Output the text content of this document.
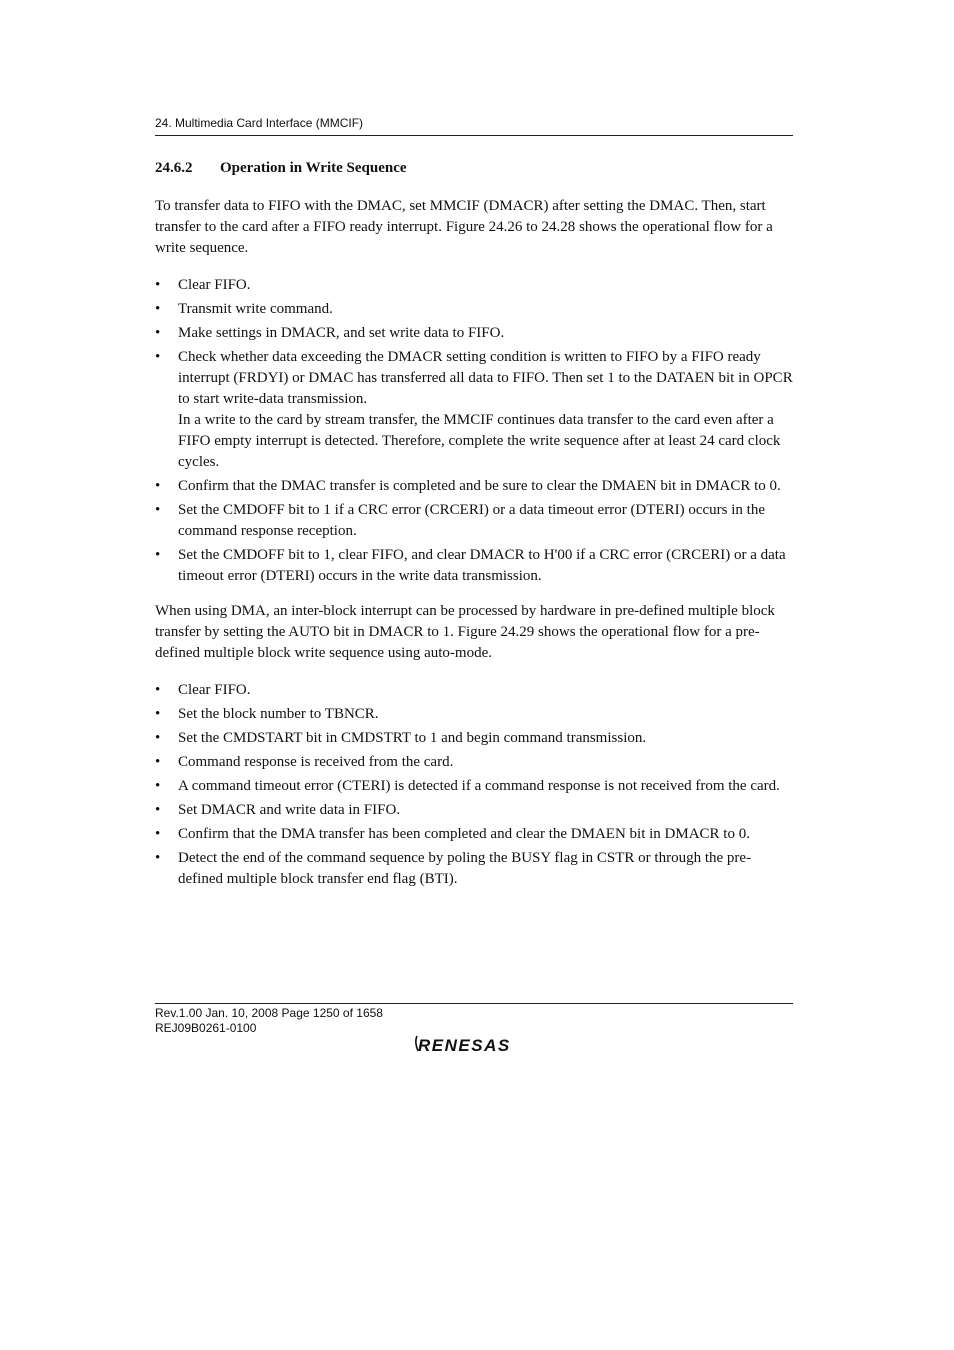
24. Multimedia Card Interface (MMCIF)
24.6.2	Operation in Write Sequence

To transfer data to FIFO with the DMAC, set MMCIF (DMACR) after setting the DMAC. Then, start transfer to the card after a FIFO ready interrupt. Figure 24.26 to 24.28 shows the operational flow for a write sequence.

•	Clear FIFO.
•	Transmit write command.
•	Make settings in DMACR, and set write data to FIFO.
•	Check whether data exceeding the DMACR setting condition is written to FIFO by a FIFO ready interrupt (FRDYI) or DMAC has transferred all data to FIFO. Then set 1 to the DATAEN bit in OPCR to start write-data transmission.
In a write to the card by stream transfer, the MMCIF continues data transfer to the card even after a FIFO empty interrupt is detected. Therefore, complete the write sequence after at least 24 card clock cycles.
•	Confirm that the DMAC transfer is completed and be sure to clear the DMAEN bit in DMACR to 0.
•	Set the CMDOFF bit to 1 if a CRC error (CRCERI) or a data timeout error (DTERI) occurs in the command response reception.
•	Set the CMDOFF bit to 1, clear FIFO, and clear DMACR to H'00 if a CRC error (CRCERI) or a data timeout error (DTERI) occurs in the write data transmission.

When using DMA, an inter-block interrupt can be processed by hardware in pre-defined multiple block transfer by setting the AUTO bit in DMACR to 1. Figure 24.29 shows the operational flow for a pre-defined multiple block write sequence using auto-mode.

•	Clear FIFO.
•	Set the block number to TBNCR.
•	Set the CMDSTART bit in CMDSTRT to 1 and begin command transmission.
•	Command response is received from the card.
•	A command timeout error (CTERI) is detected if a command response is not received from the card.
•	Set DMACR and write data in FIFO.
•	Confirm that the DMA transfer has been completed and clear the DMAEN bit in DMACR to 0.
•	Detect the end of the command sequence by poling the BUSY flag in CSTR or through the pre-defined multiple block transfer end flag (BTI).
Rev.1.00 Jan. 10, 2008 Page 1250 of 1658
REJ09B0261-0100
RENESAS
